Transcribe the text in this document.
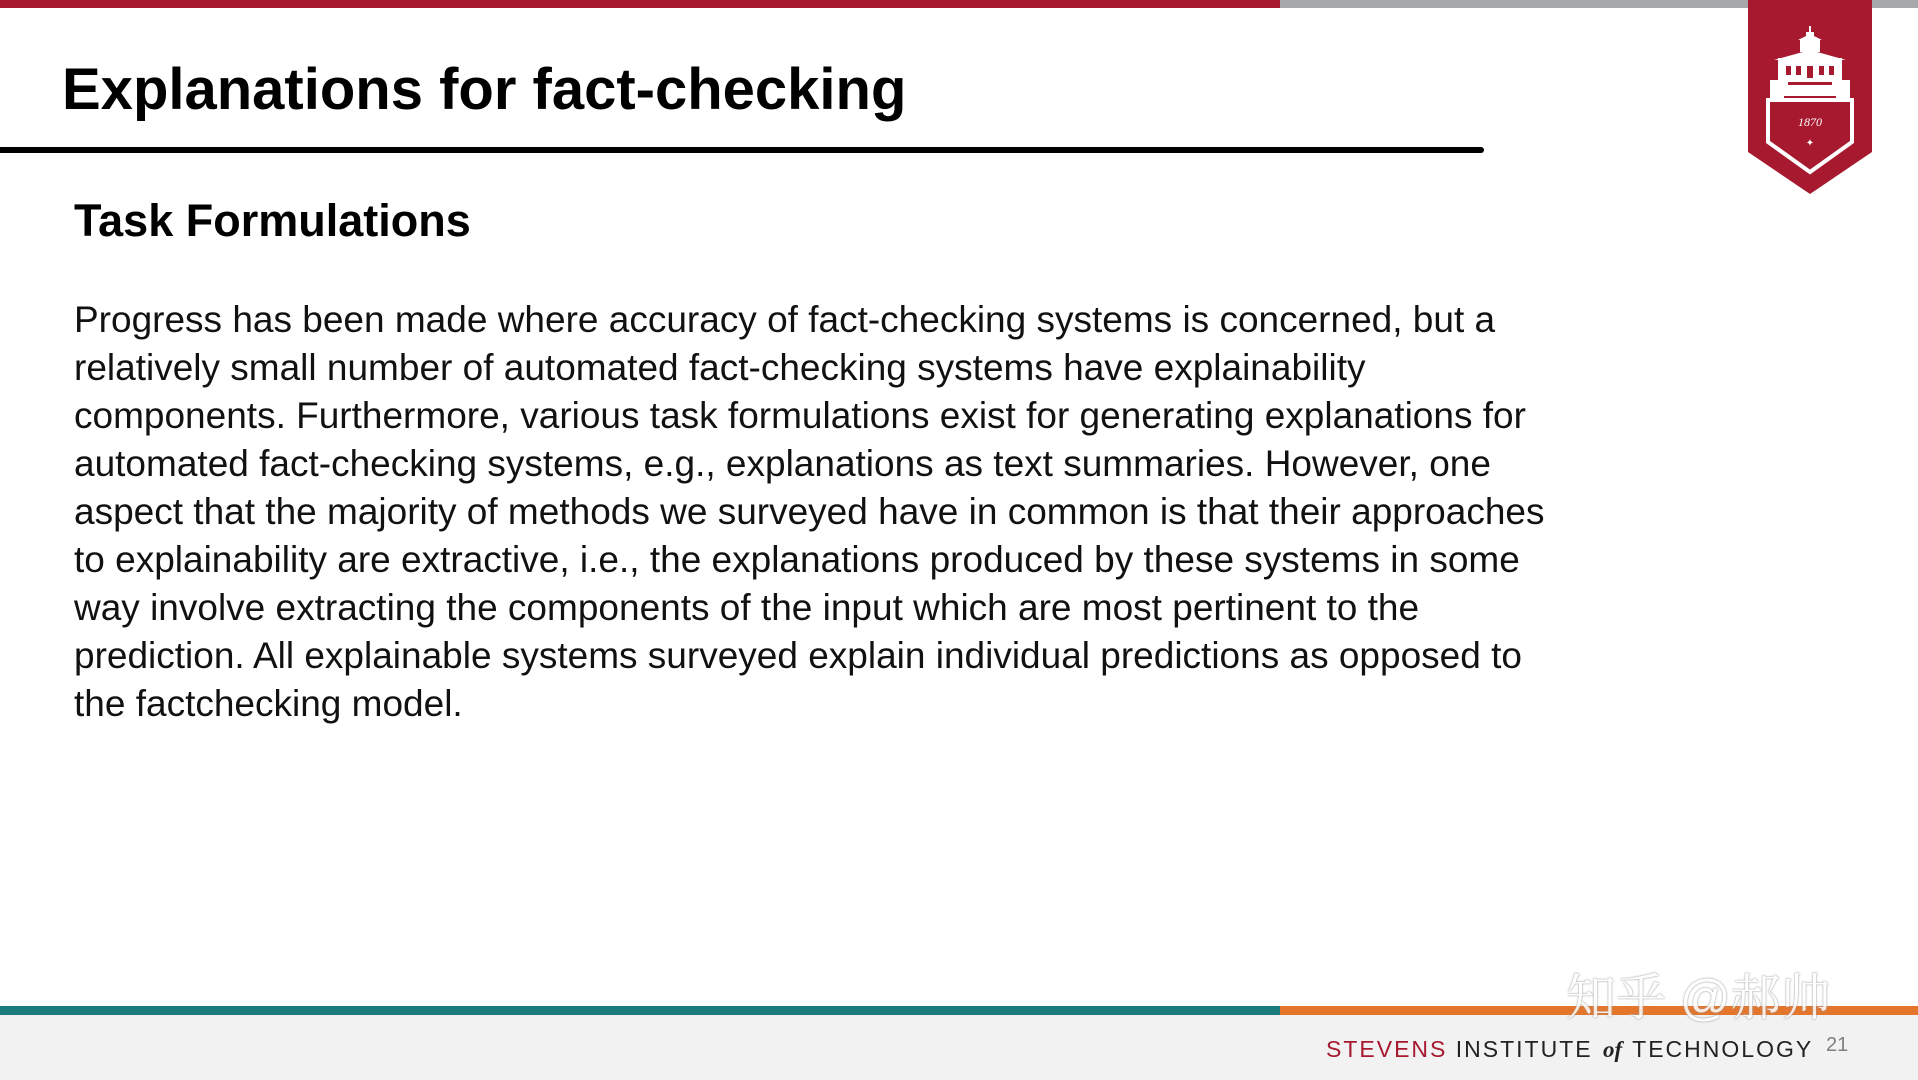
Explanations for fact-checking	1870
✦
Task Formulations
Progress has been made where accuracy of fact-checking systems is concerned, but a
relatively small number of automated fact-checking systems have explainability
components. Furthermore, various task formulations exist for generating explanations for
automated fact-checking systems, e.g., explanations as text summaries. However, one
aspect that the majority of methods we surveyed have in common is that their approaches
to explainability are extractive, i.e., the explanations produced by these systems in some
way involve extracting the components of the input which are most pertinent to the
prediction. All explainable systems surveyed explain individual predictions as opposed to
the factchecking model.
STEVENS INSTITUTE of TECHNOLOGY 21
知乎 @郝帅
